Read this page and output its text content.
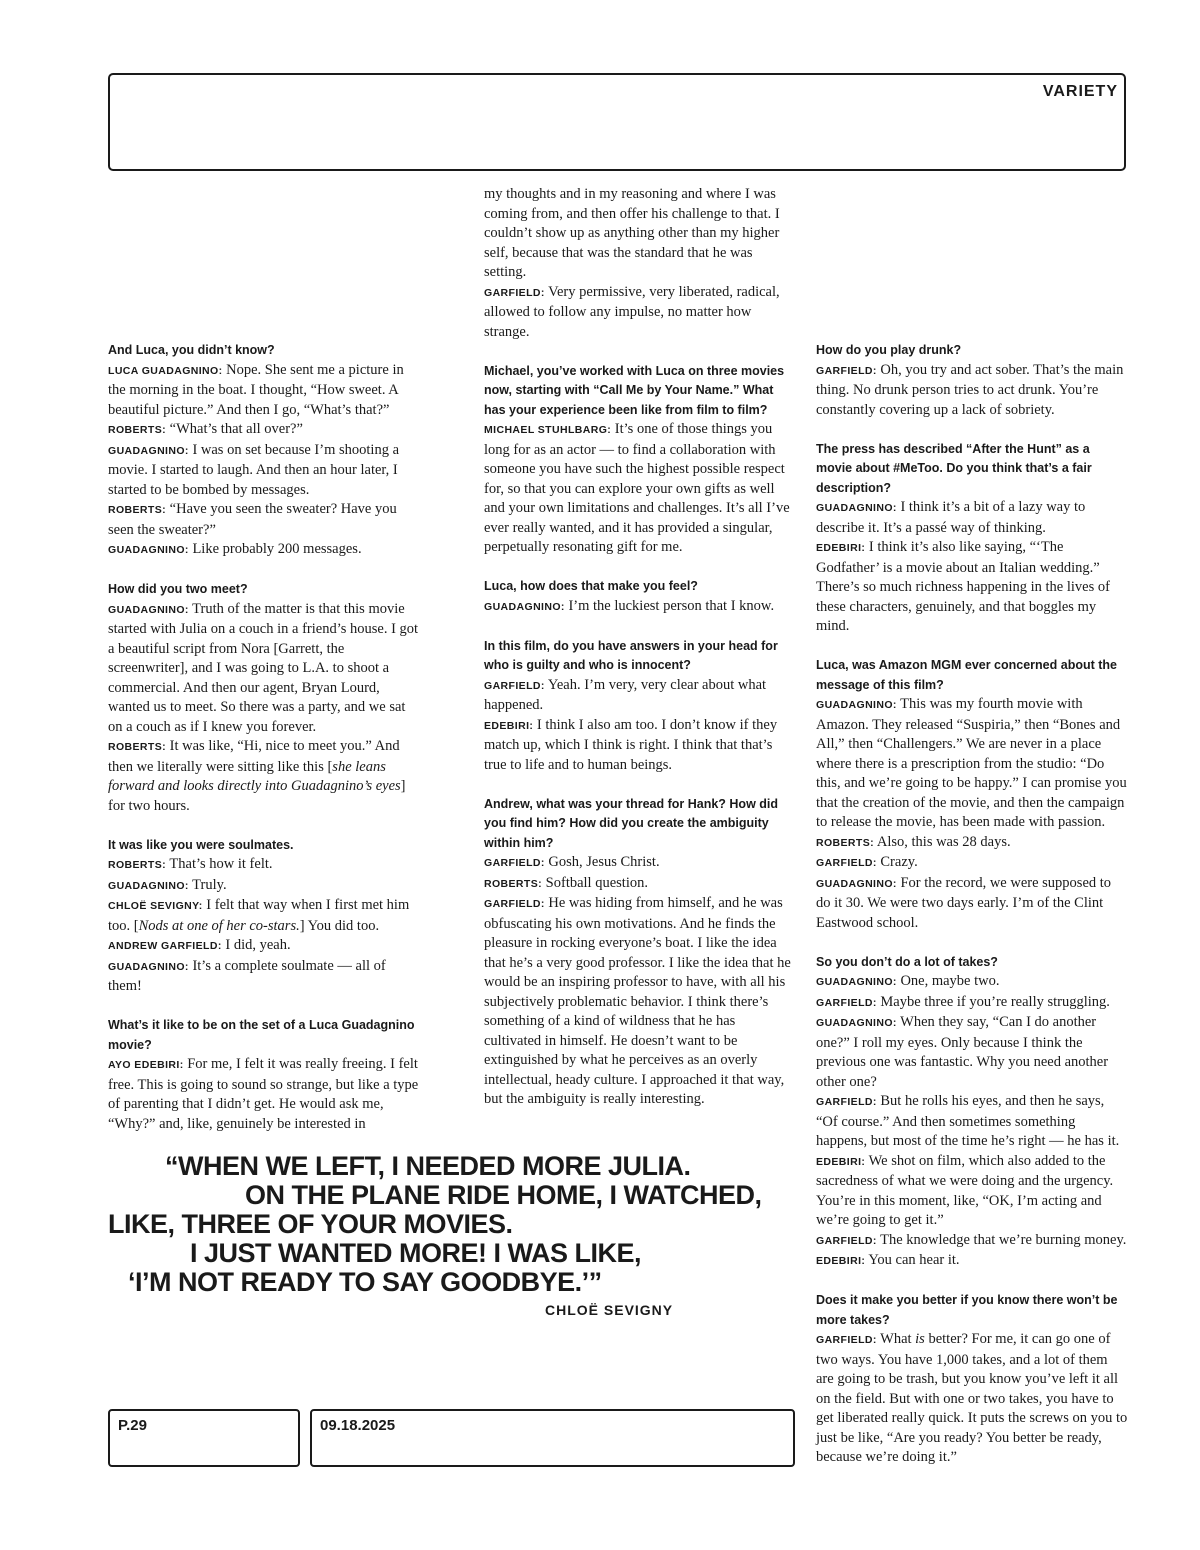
VARIETY
And Luca, you didn’t know?

LUCA GUADAGNINO: Nope. She sent me a picture in the morning in the boat. I thought, “How sweet. A beautiful picture.” And then I go, “What’s that?”

ROBERTS: “What’s that all over?”

GUADAGNINO: I was on set because I’m shooting a movie. I started to laugh. And then an hour later, I started to be bombed by messages.

ROBERTS: “Have you seen the sweater? Have you seen the sweater?”

GUADAGNINO: Like probably 200 messages.

How did you two meet?

GUADAGNINO: Truth of the matter is that this movie started with Julia on a couch in a friend’s house. I got a beautiful script from Nora [Garrett, the screenwriter], and I was going to L.A. to shoot a commercial. And then our agent, Bryan Lourd, wanted us to meet. So there was a party, and we sat on a couch as if I knew you forever.

ROBERTS: It was like, “Hi, nice to meet you.” And then we literally were sitting like this [she leans forward and looks directly into Guadagnino’s eyes] for two hours.

It was like you were soulmates.

ROBERTS: That’s how it felt.

GUADAGNINO: Truly.

CHLOË SEVIGNY: I felt that way when I first met him too. [Nods at one of her co-stars.] You did too.

ANDREW GARFIELD: I did, yeah.

GUADAGNINO: It’s a complete soulmate — all of them!

What’s it like to be on the set of a Luca Guadagnino movie?

AYO EDEBIRI: For me, I felt it was really freeing. I felt free. This is going to sound so strange, but like a type of parenting that I didn’t get. He would ask me, “Why?” and, like, genuinely be interested in

my thoughts and in my reasoning and where I was coming from, and then offer his challenge to that. I couldn’t show up as anything other than my higher self, because that was the standard that he was setting.

GARFIELD: Very permissive, very liberated, radical, allowed to follow any impulse, no matter how strange.

Michael, you’ve worked with Luca on three movies now, starting with “Call Me by Your Name.” What has your experience been like from film to film?

MICHAEL STUHLBARG: It’s one of those things you long for as an actor — to find a collaboration with someone you have such the highest possible respect for, so that you can explore your own gifts as well and your own limitations and challenges. It’s all I’ve ever really wanted, and it has provided a singular, perpetually resonating gift for me.

Luca, how does that make you feel?

GUADAGNINO: I’m the luckiest person that I know.

In this film, do you have answers in your head for who is guilty and who is innocent?

GARFIELD: Yeah. I’m very, very clear about what happened.

EDEBIRI: I think I also am too. I don’t know if they match up, which I think is right. I think that that’s true to life and to human beings.

Andrew, what was your thread for Hank? How did you find him? How did you create the ambiguity within him?

GARFIELD: Gosh, Jesus Christ.

ROBERTS: Softball question.

GARFIELD: He was hiding from himself, and he was obfuscating his own motivations. And he finds the pleasure in rocking everyone’s boat. I like the idea that he’s a very good professor. I like the idea that he would be an inspiring professor to have, with all his subjectively problematic behavior. I think there’s something of a kind of wildness that he has cultivated in himself. He doesn’t want to be extinguished by what he perceives as an overly intellectual, heady culture. I approached it that way, but the ambiguity is really interesting.

How do you play drunk?

GARFIELD: Oh, you try and act sober. That’s the main thing. No drunk person tries to act drunk. You’re constantly covering up a lack of sobriety.

The press has described “After the Hunt” as a movie about #MeToo. Do you think that’s a fair description?

GUADAGNINO: I think it’s a bit of a lazy way to describe it. It’s a passé way of thinking.

EDEBIRI: I think it’s also like saying, “‘The Godfather’ is a movie about an Italian wedding.” There’s so much richness happening in the lives of these characters, genuinely, and that boggles my mind.

Luca, was Amazon MGM ever concerned about the message of this film?

GUADAGNINO: This was my fourth movie with Amazon. They released “Suspiria,” then “Bones and All,” then “Challengers.” We are never in a place where there is a prescription from the studio: “Do this, and we’re going to be happy.” I can promise you that the creation of the movie, and then the campaign to release the movie, has been made with passion.

ROBERTS: Also, this was 28 days.

GARFIELD: Crazy.

GUADAGNINO: For the record, we were supposed to do it 30. We were two days early. I’m of the Clint Eastwood school.

So you don’t do a lot of takes?

GUADAGNINO: One, maybe two.

GARFIELD: Maybe three if you’re really struggling.

GUADAGNINO: When they say, “Can I do another one?” I roll my eyes. Only because I think the previous one was fantastic. Why you need another other one?

GARFIELD: But he rolls his eyes, and then he says, “Of course.” And then sometimes something happens, but most of the time he’s right — he has it.

EDEBIRI: We shot on film, which also added to the sacredness of what we were doing and the urgency. You’re in this moment, like, “OK, I’m acting and we’re going to get it.”

GARFIELD: The knowledge that we’re burning money.

EDEBIRI: You can hear it.

Does it make you better if you know there won’t be more takes?

GARFIELD: What is better? For me, it can go one of two ways. You have 1,000 takes, and a lot of them are going to be trash, but you know you’ve left it all on the field. But with one or two takes, you have to get liberated really quick. It puts the screws on you to just be like, “Are you ready? You better be ready, because we’re doing it.”

“WHEN WE LEFT, I NEEDED MORE JULIA.
ON THE PLANE RIDE HOME, I WATCHED,
LIKE, THREE OF YOUR MOVIES.
I JUST WANTED MORE! I WAS LIKE,
‘I’M NOT READY TO SAY GOODBYE.’”
CHLOË SEVIGNY
P.29	09.18.2025
